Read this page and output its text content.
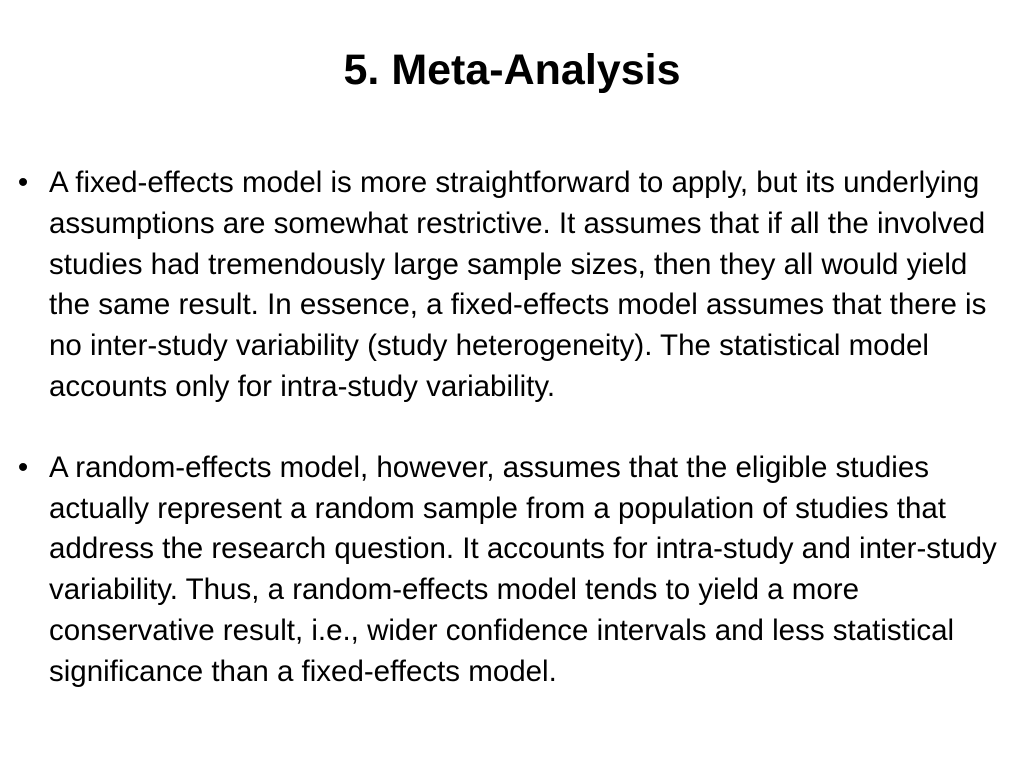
5. Meta-Analysis
• A fixed-effects model is more straightforward to apply, but its underlying assumptions are somewhat restrictive. It assumes that if all the involved studies had tremendously large sample sizes, then they all would yield the same result. In essence, a fixed-effects model assumes that there is no inter-study variability (study heterogeneity). The statistical model accounts only for intra-study variability.
• A random-effects model, however, assumes that the eligible studies actually represent a random sample from a population of studies that address the research question. It accounts for intra-study and inter-study variability. Thus, a random-effects model tends to yield a more conservative result, i.e., wider confidence intervals and less statistical significance than a fixed-effects model.
